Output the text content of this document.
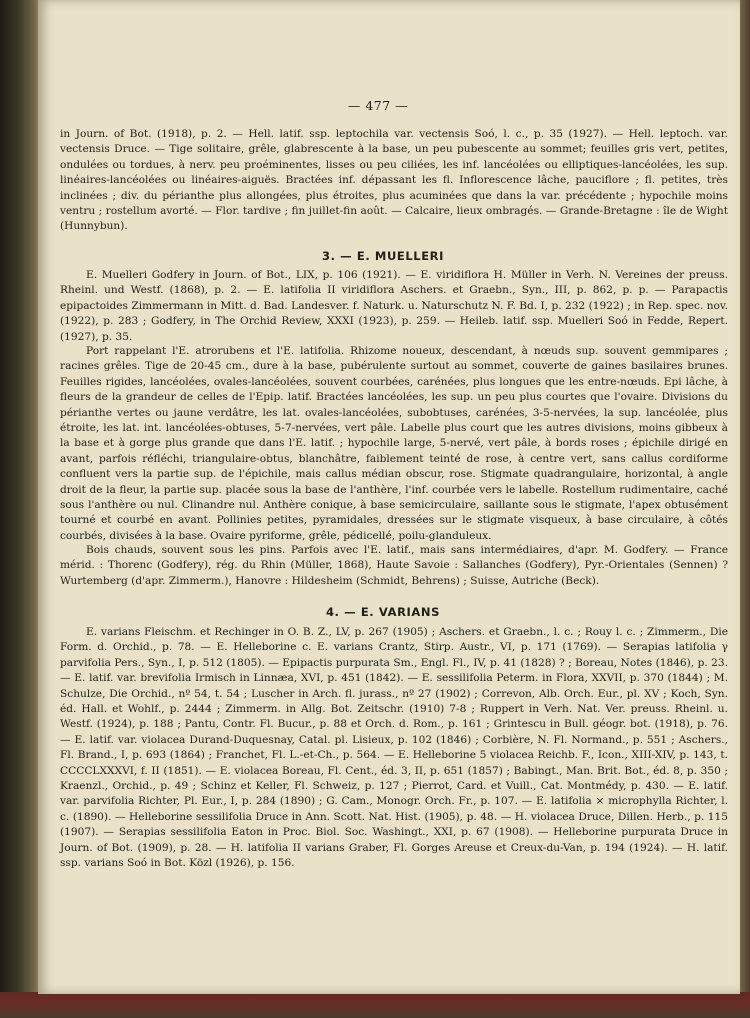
— 477 —

in Journ. of Bot. (1918), p. 2. — Hell. latif. ssp. leptochila var. vectensis Soó, l. c., p. 35 (1927). — Hell. leptoch. var. vectensis Druce. — Tige solitaire, grêle, glabrescente à la base, un peu pubescente au sommet; feuilles gris vert, petites, ondulées ou tordues, à nerv. peu proéminentes, lisses ou peu ciliées, les inf. lancéolées ou elliptiques-lancéolées, les sup. linéaires-lancéolées ou linéaires-aiguës. Bractées inf. dépassant les fl. Inflorescence lâche, pauciflore ; fl. petites, très inclinées ; div. du périanthe plus allongées, plus étroites, plus acuminées que dans la var. précédente ; hypochile moins ventru ; rostellum avorté. — Flor. tardive ; fin juillet-fin août. — Calcaire, lieux ombragés. — Grande-Bretagne : île de Wight (Hunnybun).

3. — E. MUELLERI

E. Muelleri Godfery in Journ. of Bot., LIX, p. 106 (1921). — E. viridiflora H. Müller in Verh. N. Vereines der preuss. Rheinl. und Westf. (1868), p. 2. — E. latifolia II viridiflora Aschers. et Graebn., Syn., III, p. 862, p. p. — Parapactis epipactoides Zimmermann in Mitt. d. Bad. Landesver. f. Naturk. u. Naturschutz N. F. Bd. I, p. 232 (1922) ; in Rep. spec. nov. (1922), p. 283 ; Godfery, in The Orchid Review, XXXI (1923), p. 259. — Heileb. latif. ssp. Muelleri Soó in Fedde, Repert. (1927), p. 35.

Port rappelant l'E. atrorubens et l'E. latifolia. Rhizome noueux, descendant, à nœuds sup. souvent gemmipares ; racines grêles. Tige de 20-45 cm., dure à la base, pubérulente surtout au sommet, couverte de gaines basilaires brunes. Feuilles rigides, lancéolées, ovales-lancéolées, souvent courbées, carénées, plus longues que les entre-nœuds. Epi lâche, à fleurs de la grandeur de celles de l'Epip. latif. Bractées lancéolées, les sup. un peu plus courtes que l'ovaire. Divisions du périanthe vertes ou jaune verdâtre, les lat. ovales-lancéolées, subobtuses, carénées, 3-5-nervées, la sup. lancéolée, plus étroite, les lat. int. lancéolées-obtuses, 5-7-nervées, vert pâle. Labelle plus court que les autres divisions, moins gibbeux à la base et à gorge plus grande que dans l'E. latif. ; hypochile large, 5-nervé, vert pâle, à bords roses ; épichile dirigé en avant, parfois réfléchi, triangulaire-obtus, blanchâtre, faiblement teinté de rose, à centre vert, sans callus cordiforme confluent vers la partie sup. de l'épichile, mais callus médian obscur, rose. Stigmate quadrangulaire, horizontal, à angle droit de la fleur, la partie sup. placée sous la base de l'anthère, l'inf. courbée vers le labelle. Rostellum rudimentaire, caché sous l'anthère ou nul. Clinandre nul. Anthère conique, à base semicirculaire, saillante sous le stigmate, l'apex obtusément tourné et courbé en avant. Pollinies petites, pyramidales, dressées sur le stigmate visqueux, à base circulaire, à côtés courbés, divisées à la base. Ovaire pyriforme, grêle, pédicellé, poilu-glanduleux.

Bois chauds, souvent sous les pins. Parfois avec l'E. latif., mais sans intermédiaires, d'apr. M. Godfery. — France mérid. : Thorenc (Godfery), rég. du Rhin (Müller, 1868), Haute Savoie : Sallanches (Godfery), Pyr.-Orientales (Sennen) ? Wurtemberg (d'apr. Zimmerm.), Hanovre : Hildesheim (Schmidt, Behrens) ; Suisse, Autriche (Beck).

4. — E. VARIANS

E. varians Fleischm. et Rechinger in O. B. Z., LV, p. 267 (1905) ; Aschers. et Graebn., l. c. ; Rouy l. c. ; Zimmerm., Die Form. d. Orchid., p. 78. — E. Helleborine c. E. varians Crantz, Stirp. Austr., VI, p. 171 (1769). — Serapias latifolia γ parvifolia Pers., Syn., I, p. 512 (1805). — Epipactis purpurata Sm., Engl. Fl., IV, p. 41 (1828) ? ; Boreau, Notes (1846), p. 23. — E. latif. var. brevifolia Irmisch in Linnæa, XVI, p. 451 (1842). — E. sessilifolia Peterm. in Flora, XXVII, p. 370 (1844) ; M. Schulze, Die Orchid., nº 54, t. 54 ; Luscher in Arch. fl. jurass., nº 27 (1902) ; Correvon, Alb. Orch. Eur., pl. XV ; Koch, Syn. éd. Hall. et Wohlf., p. 2444 ; Zimmerm. in Allg. Bot. Zeitschr. (1910) 7-8 ; Ruppert in Verh. Nat. Ver. preuss. Rheinl. u. Westf. (1924), p. 188 ; Pantu, Contr. Fl. Bucur., p. 88 et Orch. d. Rom., p. 161 ; Grintescu in Bull. géogr. bot. (1918), p. 76. — E. latif. var. violacea Durand-Duquesnay, Catal. pl. Lisieux, p. 102 (1846) ; Corbière, N. Fl. Normand., p. 551 ; Aschers., Fl. Brand., I, p. 693 (1864) ; Franchet, Fl. L.-et-Ch., p. 564. — E. Helleborine 5 violacea Reichb. F., Icon., XIII-XIV, p. 143, t. CCCCLXXXVI, f. II (1851). — E. violacea Boreau, Fl. Cent., éd. 3, II, p. 651 (1857) ; Babingt., Man. Brit. Bot., éd. 8, p. 350 ; Kraenzl., Orchid., p. 49 ; Schinz et Keller, Fl. Schweiz, p. 127 ; Pierrot, Card. et Vuill., Cat. Montmédy, p. 430. — E. latif. var. parvifolia Richter, Pl. Eur., I, p. 284 (1890) ; G. Cam., Monogr. Orch. Fr., p. 107. — E. latifolia × microphylla Richter, l. c. (1890). — Helleborine sessilifolia Druce in Ann. Scott. Nat. Hist. (1905), p. 48. — H. violacea Druce, Dillen. Herb., p. 115 (1907). — Serapias sessilifolia Eaton in Proc. Biol. Soc. Washingt., XXI, p. 67 (1908). — Helleborine purpurata Druce in Journ. of Bot. (1909), p. 28. — H. latifolia II varians Graber, Fl. Gorges Areuse et Creux-du-Van, p. 194 (1924). — H. latif. ssp. varians Soó in Bot. Közl (1926), p. 156.
